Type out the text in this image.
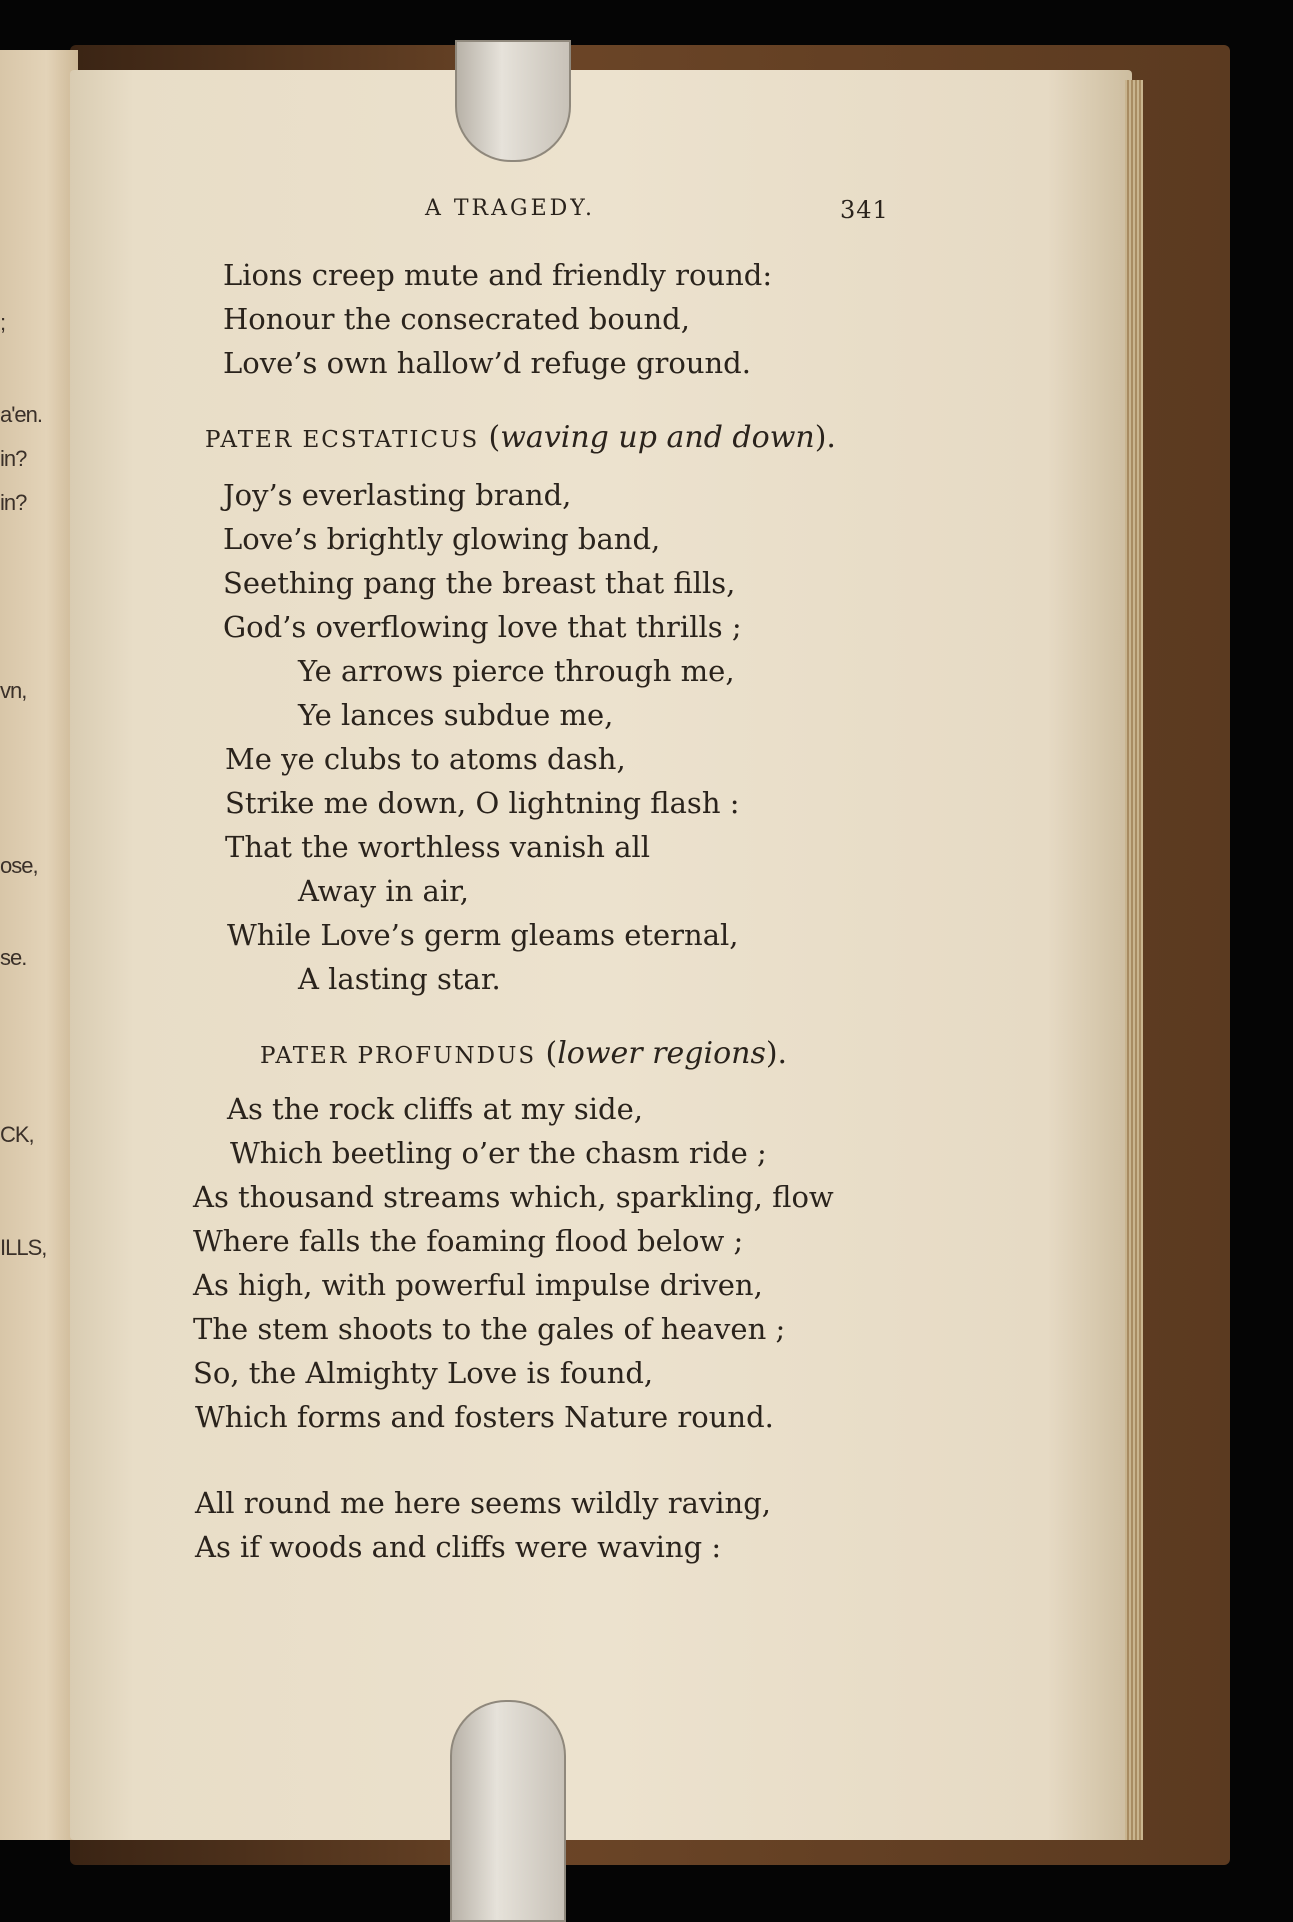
;
a'en.
in?
in?
vn,
ose,
se.
CK,
ILLS,
A TRAGEDY.	341
Lions creep mute and friendly round:
Honour the consecrated bound,
Love’s own hallow’d refuge ground.
PATER ECSTATICUS (waving up and down).
Joy’s everlasting brand,
Love’s brightly glowing band,
Seething pang the breast that fills,
God’s overflowing love that thrills ;
Ye arrows pierce through me,
Ye lances subdue me,
Me ye clubs to atoms dash,
Strike me down, O lightning flash :
That the worthless vanish all
Away in air,
While Love’s germ gleams eternal,
A lasting star.
PATER PROFUNDUS (lower regions).
As the rock cliffs at my side,
Which beetling o’er the chasm ride ;
As thousand streams which, sparkling, flow
Where falls the foaming flood below ;
As high, with powerful impulse driven,
The stem shoots to the gales of heaven ;
So, the Almighty Love is found,
Which forms and fosters Nature round.
All round me here seems wildly raving,
As if woods and cliffs were waving :
